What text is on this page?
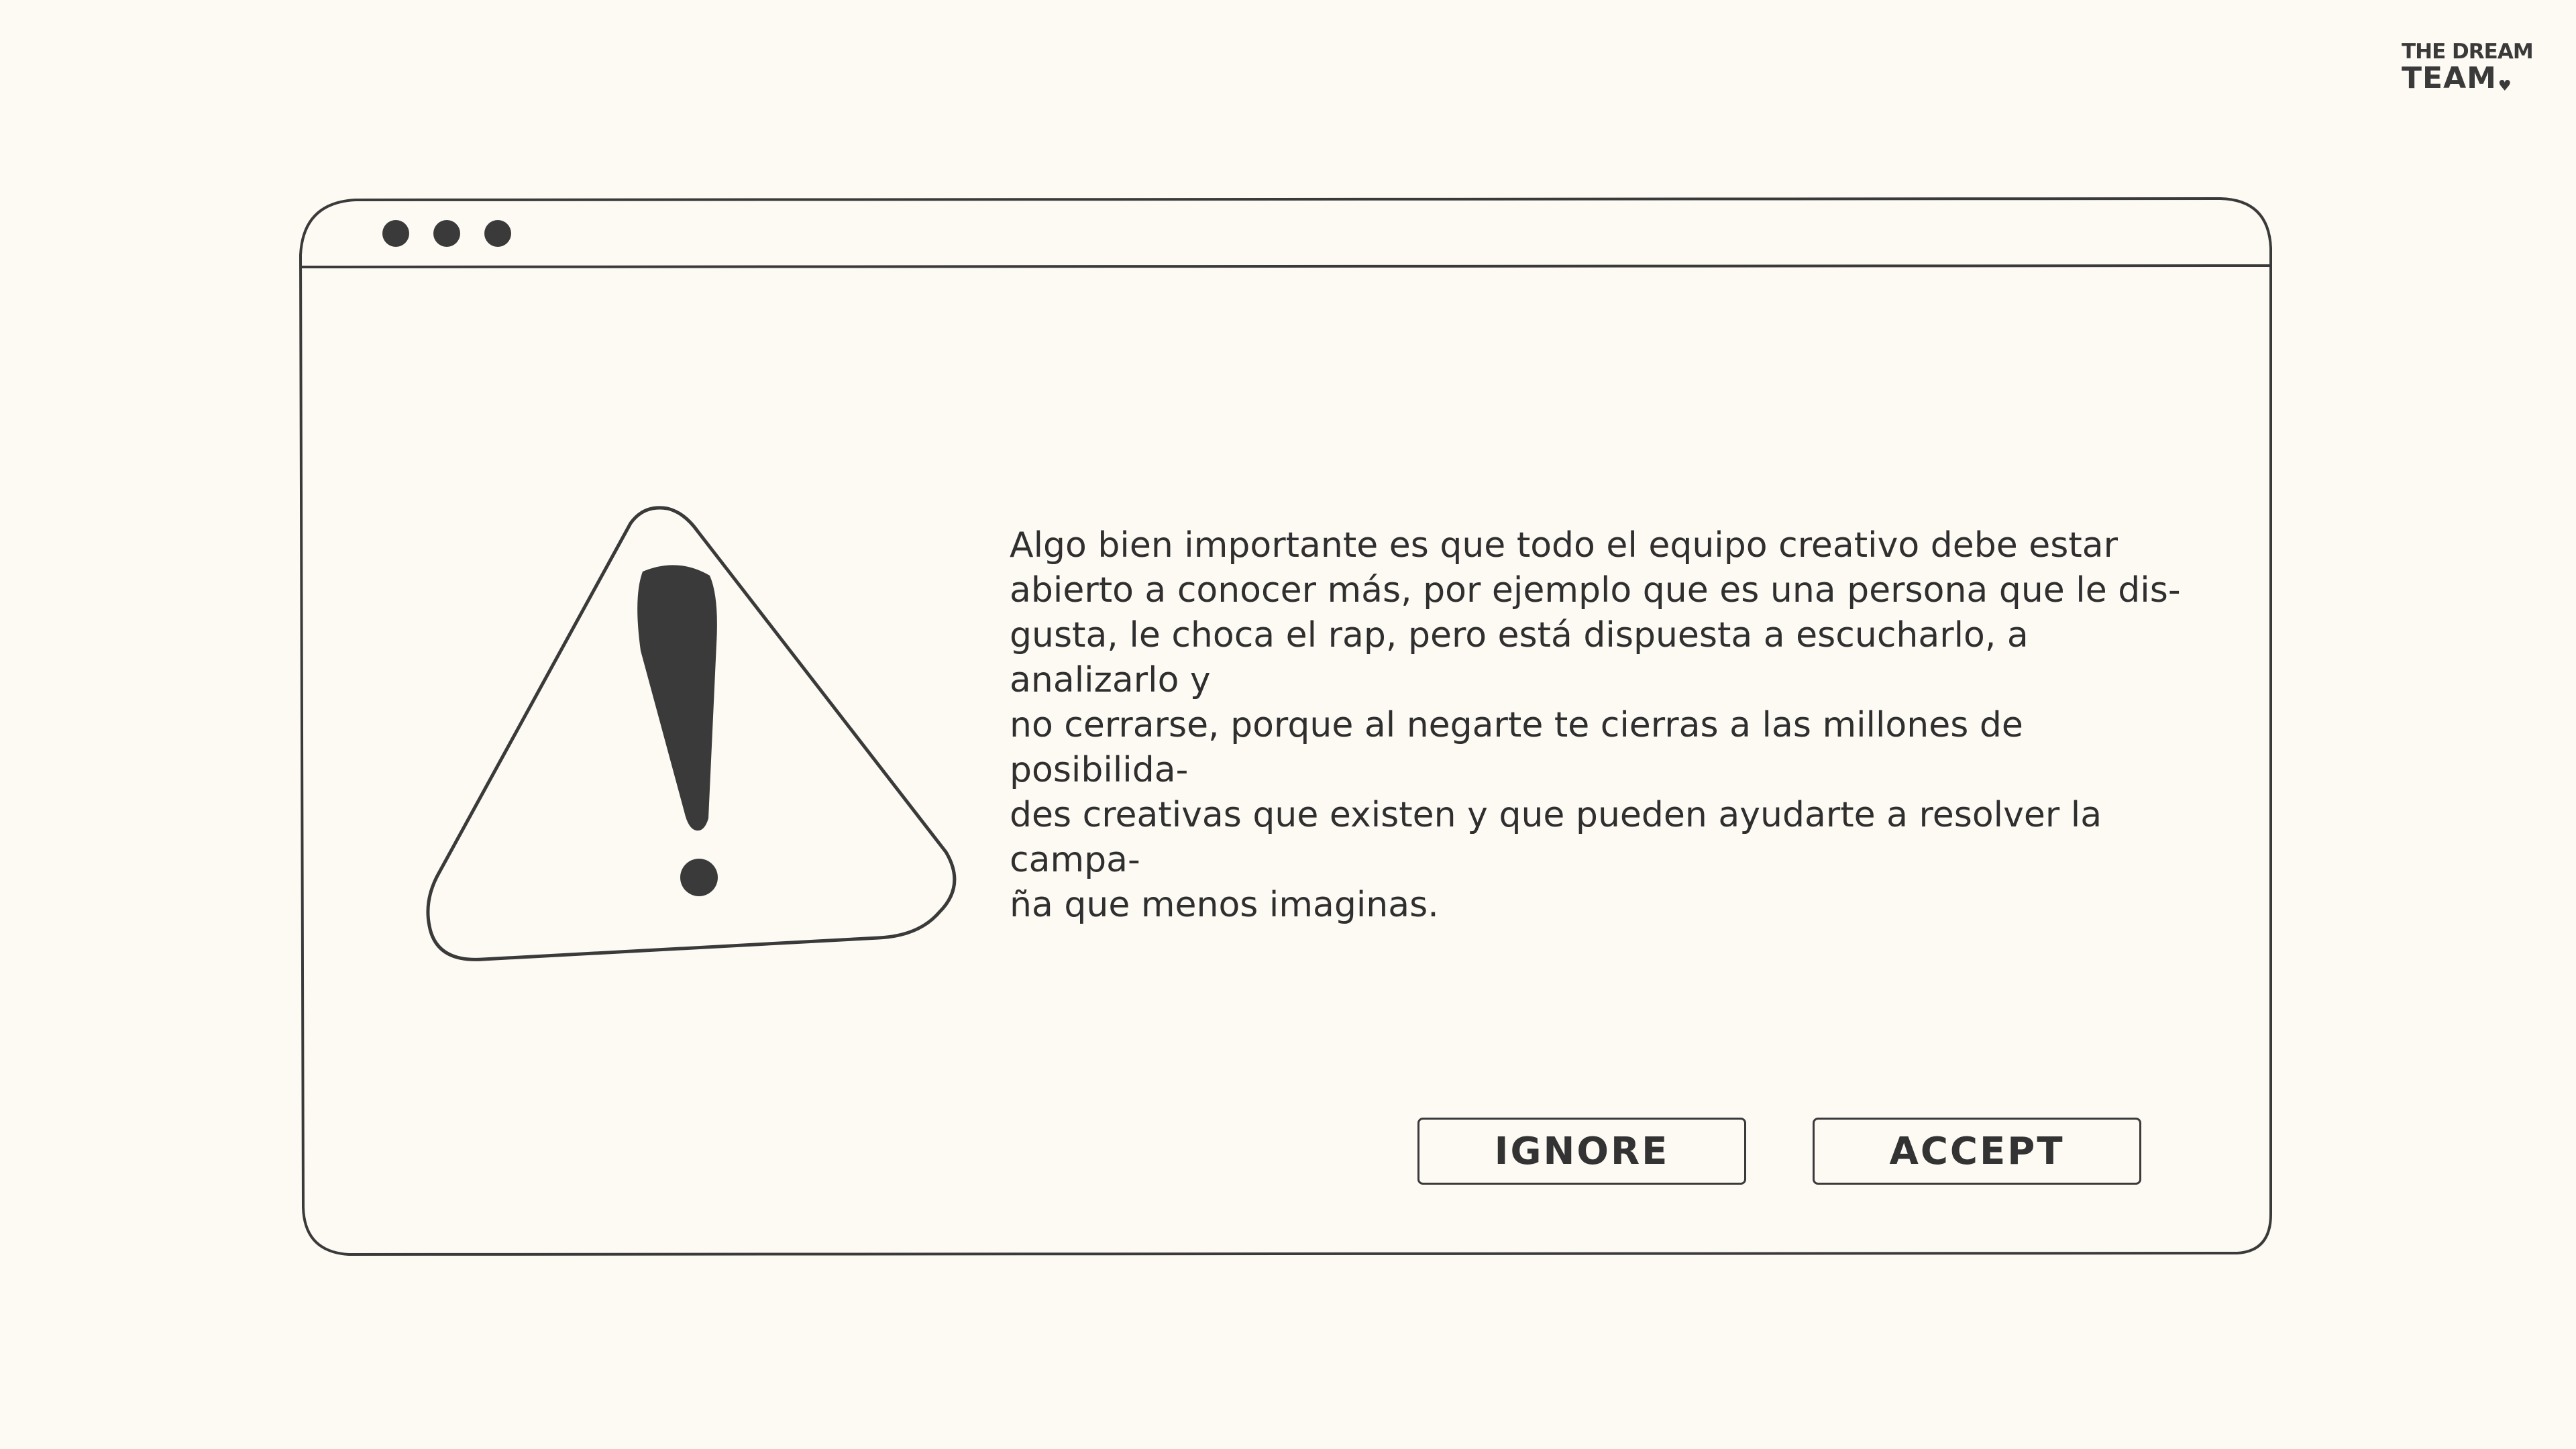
THE DREAM
TEAM♥

Algo bien importante es que todo el equipo creativo debe estar
abierto a conocer más, por ejemplo que es una persona que le dis-
gusta, le choca el rap, pero está dispuesta a escucharlo, a analizarlo y
no cerrarse, porque al negarte te cierras a las millones de posibilida-
des creativas que existen y que pueden ayudarte a resolver la campa-
ña que menos imaginas.

IGNORE	ACCEPT
